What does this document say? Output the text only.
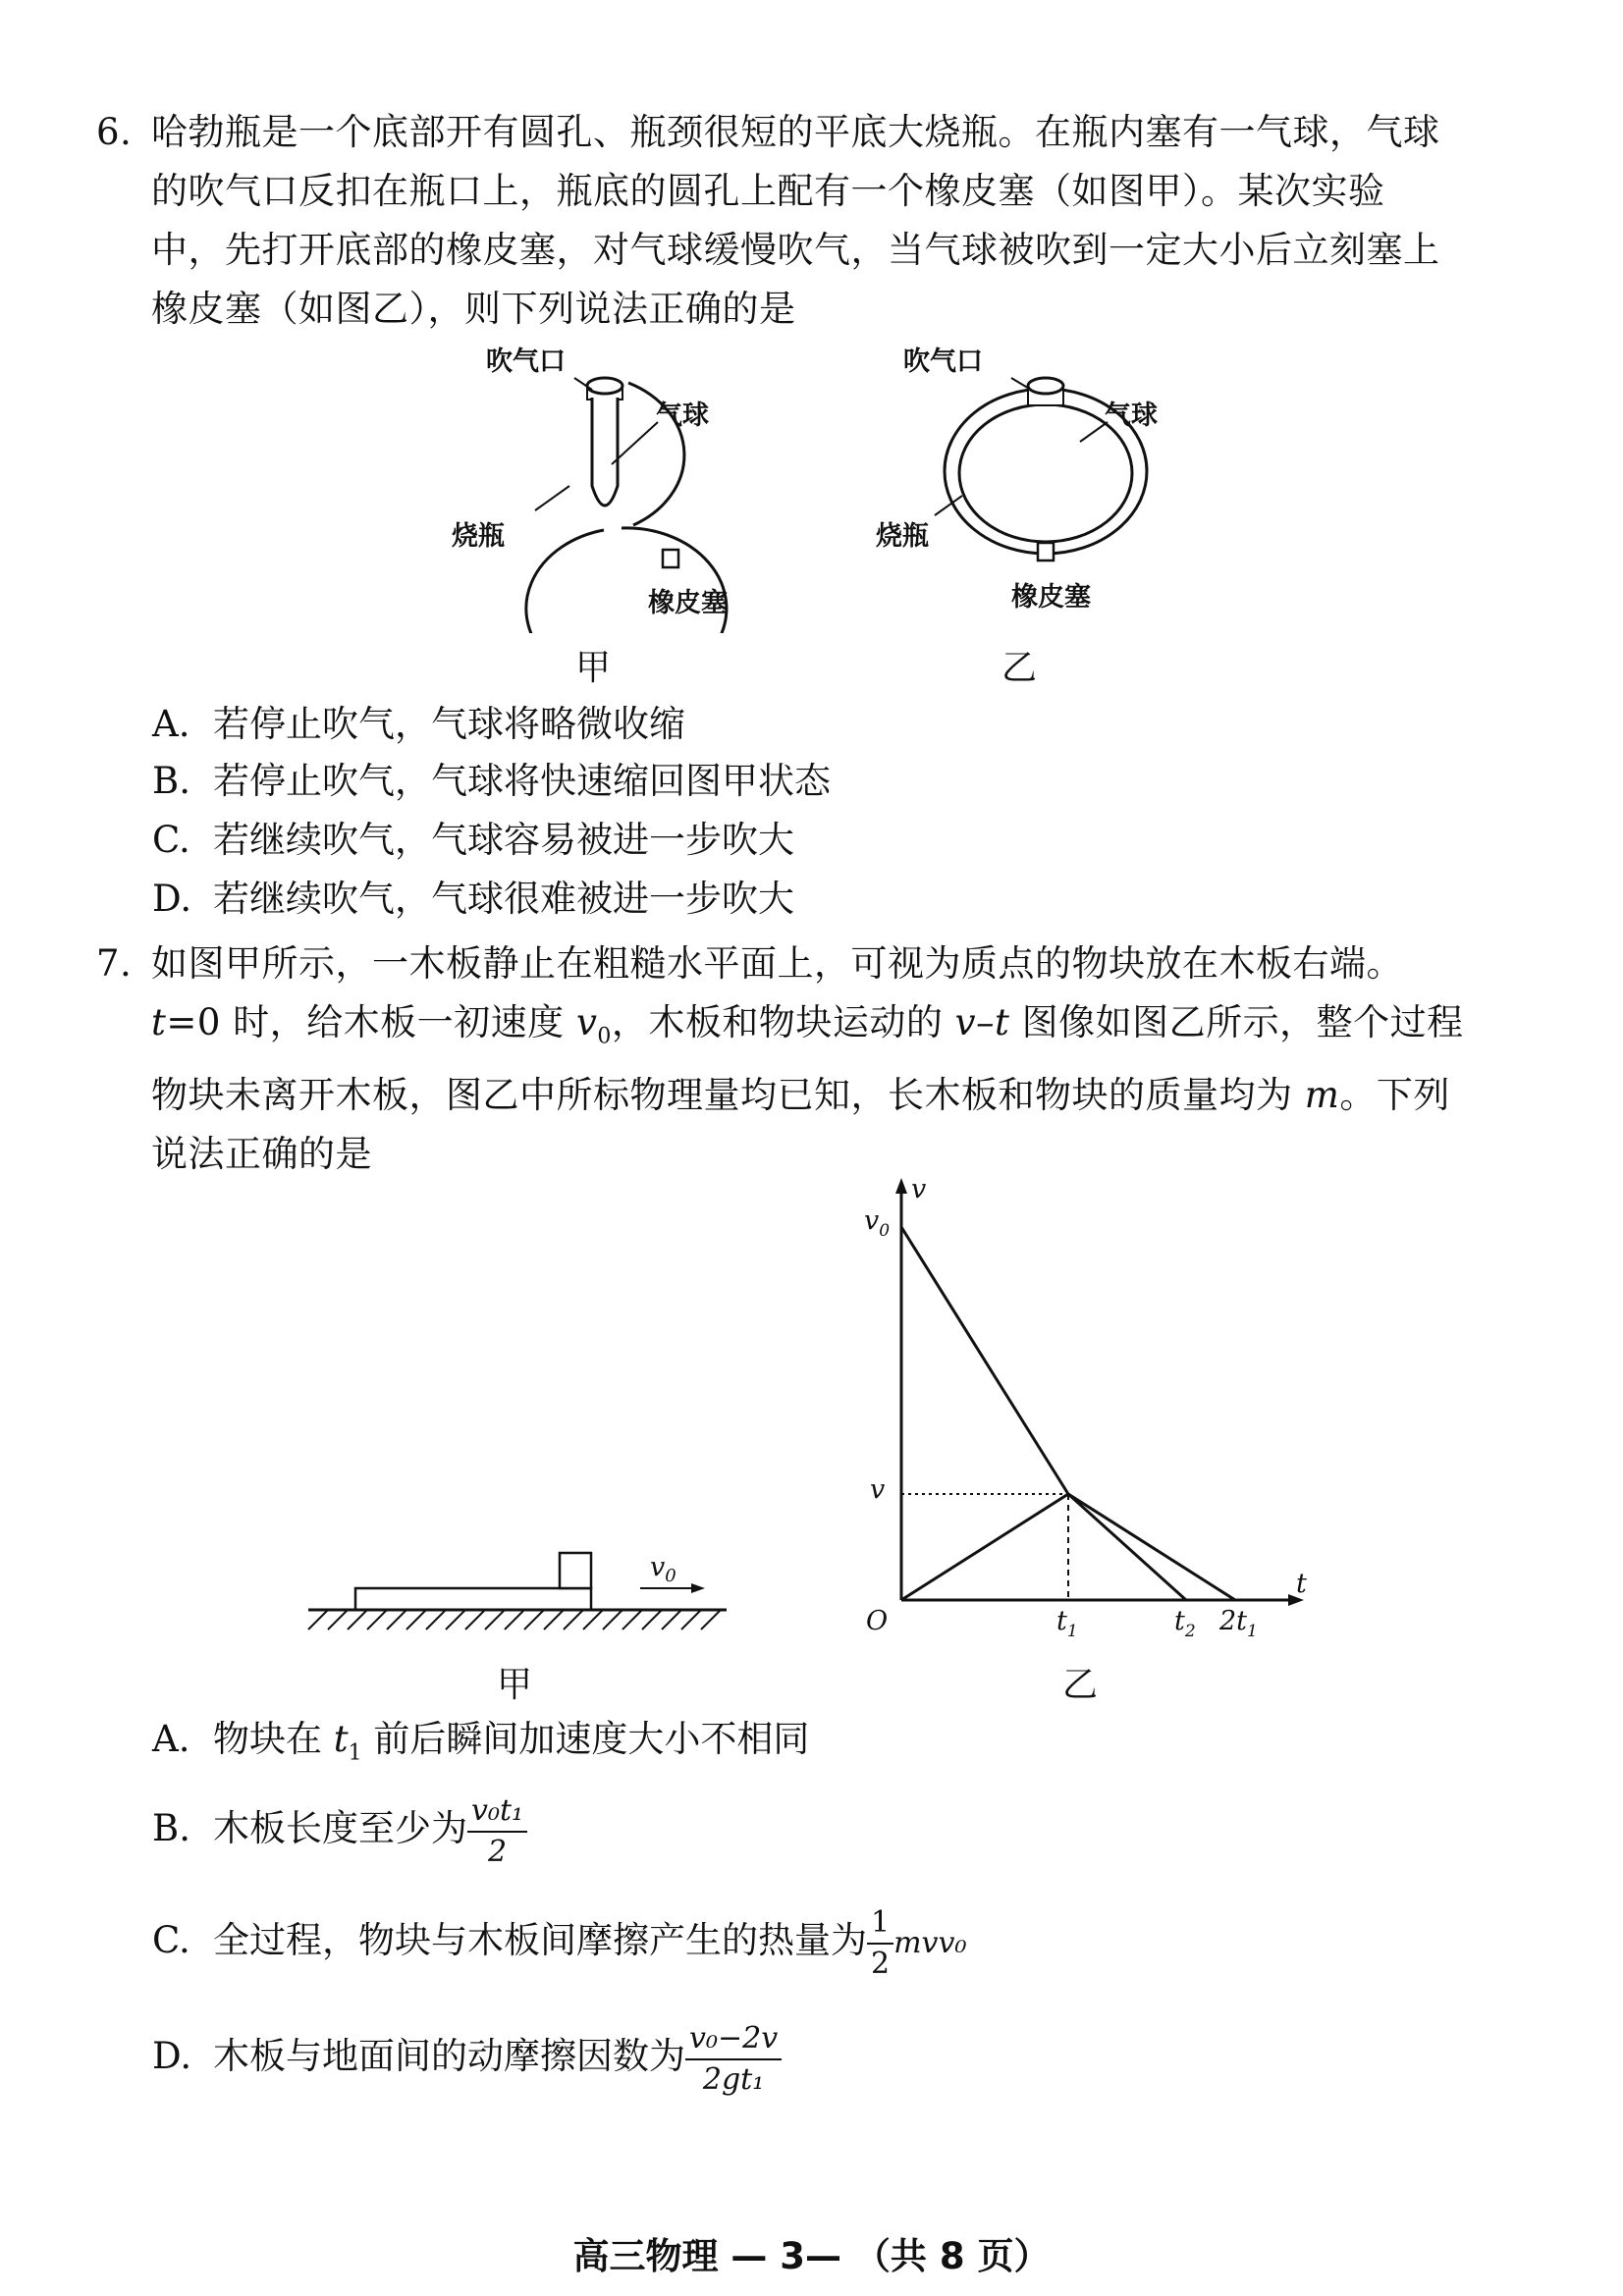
6. 哈勃瓶是一个底部开有圆孔、瓶颈很短的平底大烧瓶。在瓶内塞有一气球，气球
的吹气口反扣在瓶口上，瓶底的圆孔上配有一个橡皮塞（如图甲）。某次实验
中，先打开底部的橡皮塞，对气球缓慢吹气，当气球被吹到一定大小后立刻塞上
橡皮塞（如图乙），则下列说法正确的是
吹气口
气球
烧瓶
橡皮塞
甲
吹气口
气球
烧瓶
橡皮塞
乙
A. 若停止吹气，气球将略微收缩
B. 若停止吹气，气球将快速缩回图甲状态
C. 若继续吹气，气球容易被进一步吹大
D. 若继续吹气，气球很难被进一步吹大
7. 如图甲所示，一木板静止在粗糙水平面上，可视为质点的物块放在木板右端。
t=0 时，给木板一初速度 $v_0$，木板和物块运动的 v–t 图像如图乙所示，整个过程
物块未离开木板，图乙中所标物理量均已知，长木板和物块的质量均为 m。下列
说法正确的是
$v_0$
甲
v
t
O
$v_0$
v
$t_1$	$t_2$ $2t_1$
乙
A. 物块在 $t_1$ 前后瞬间加速度大小不相同
B. 木板长度至少为 $\frac{\text{v₀t₁}}{2}$
C. 全过程，物块与木板间摩擦产生的热量为 $\frac{1}{2} mvv_0$
D. 木板与地面间的动摩擦因数为 $\frac{\text{v₀−2v}}{\text{2gt₁}}$
高三物理 — 3— （共 8 页）
